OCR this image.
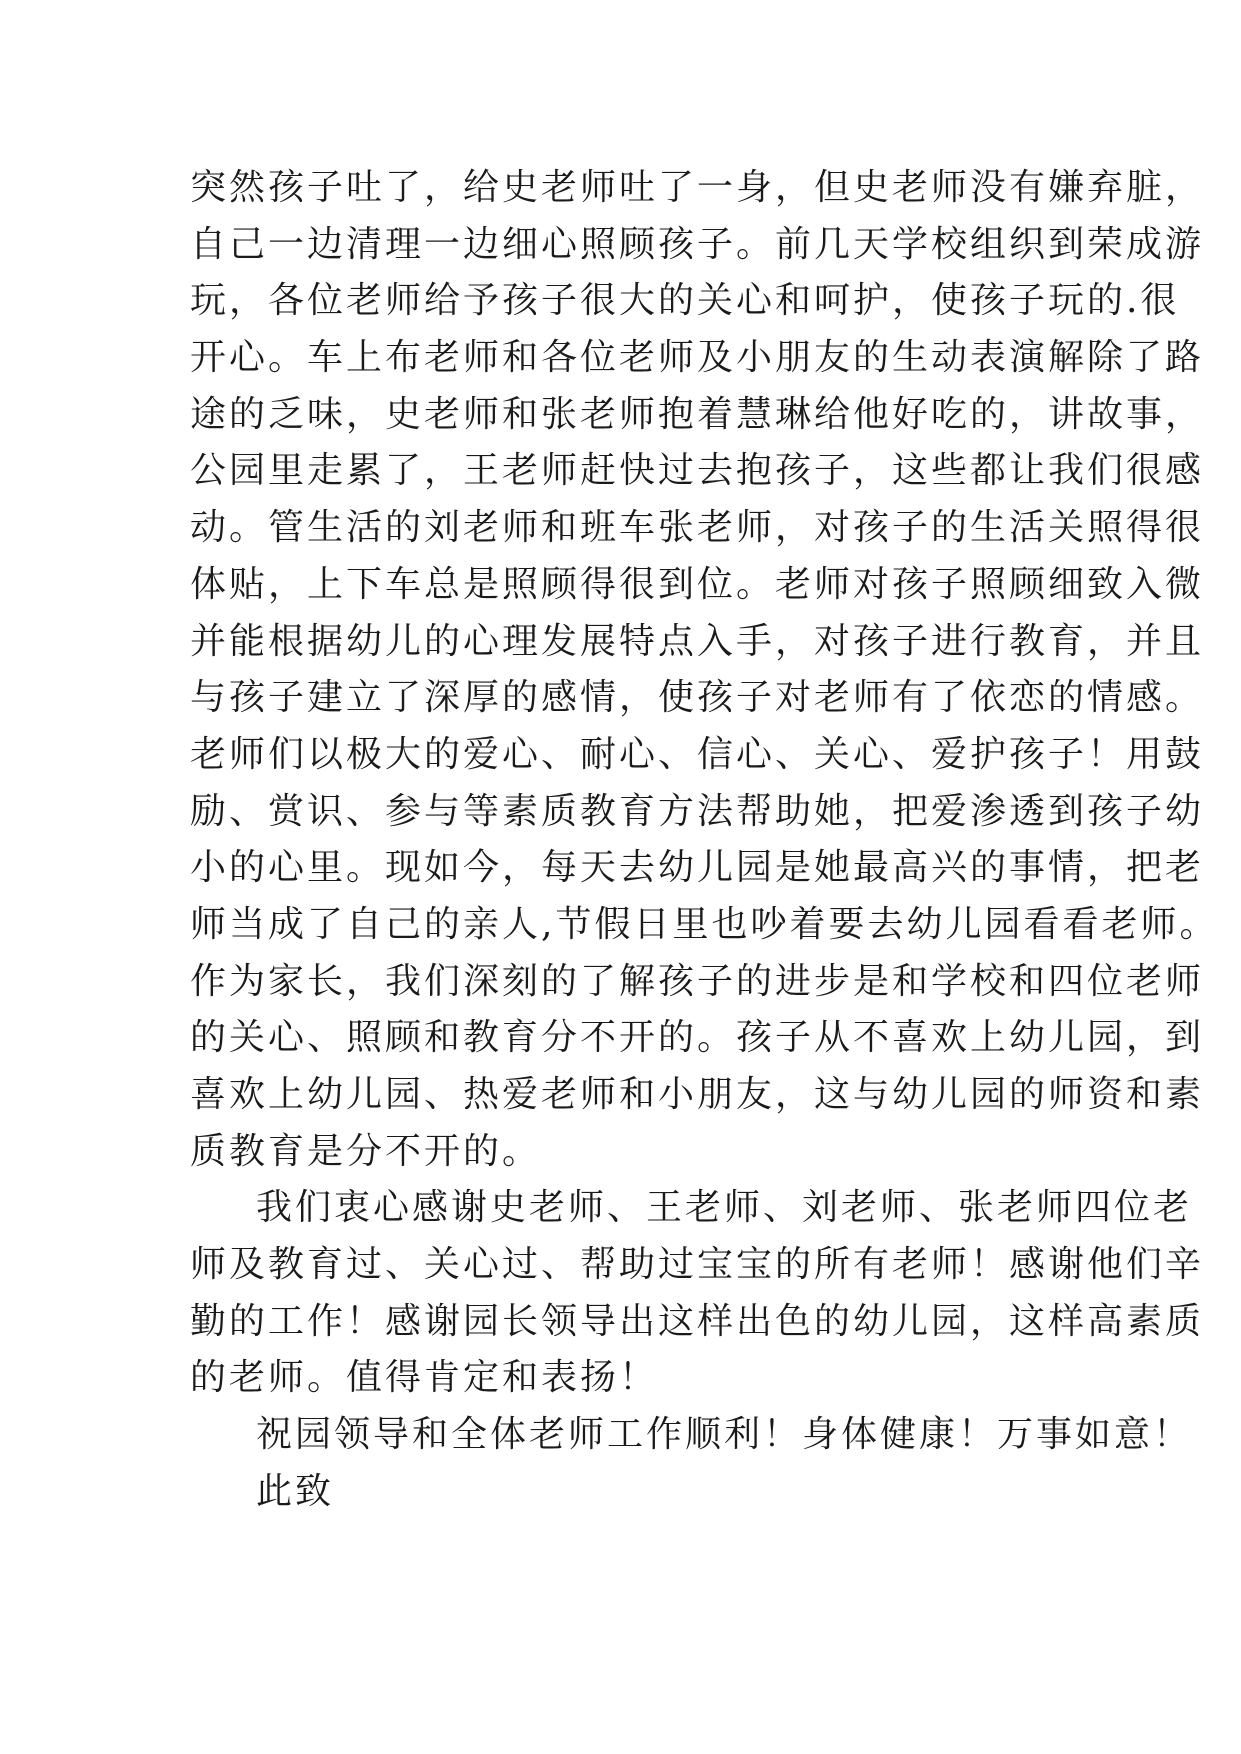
突然孩子吐了，给史老师吐了一身，但史老师没有嫌弃脏，
自己一边清理一边细心照顾孩子。前几天学校组织到荣成游
玩，各位老师给予孩子很大的关心和呵护，使孩子玩的.很
开心。车上布老师和各位老师及小朋友的生动表演解除了路
途的乏味，史老师和张老师抱着慧琳给他好吃的，讲故事，
公园里走累了，王老师赶快过去抱孩子，这些都让我们很感
动。管生活的刘老师和班车张老师，对孩子的生活关照得很
体贴，上下车总是照顾得很到位。老师对孩子照顾细致入微
并能根据幼儿的心理发展特点入手，对孩子进行教育，并且
与孩子建立了深厚的感情，使孩子对老师有了依恋的情感。
老师们以极大的爱心、耐心、信心、关心、爱护孩子！用鼓
励、赏识、参与等素质教育方法帮助她，把爱渗透到孩子幼
小的心里。现如今，每天去幼儿园是她最高兴的事情，把老
师当成了自己的亲人,节假日里也吵着要去幼儿园看看老师。
作为家长，我们深刻的了解孩子的进步是和学校和四位老师
的关心、照顾和教育分不开的。孩子从不喜欢上幼儿园，到
喜欢上幼儿园、热爱老师和小朋友，这与幼儿园的师资和素
质教育是分不开的。
我们衷心感谢史老师、王老师、刘老师、张老师四位老
师及教育过、关心过、帮助过宝宝的所有老师！感谢他们辛
勤的工作！感谢园长领导出这样出色的幼儿园，这样高素质
的老师。值得肯定和表扬！
祝园领导和全体老师工作顺利！身体健康！万事如意！
此致
